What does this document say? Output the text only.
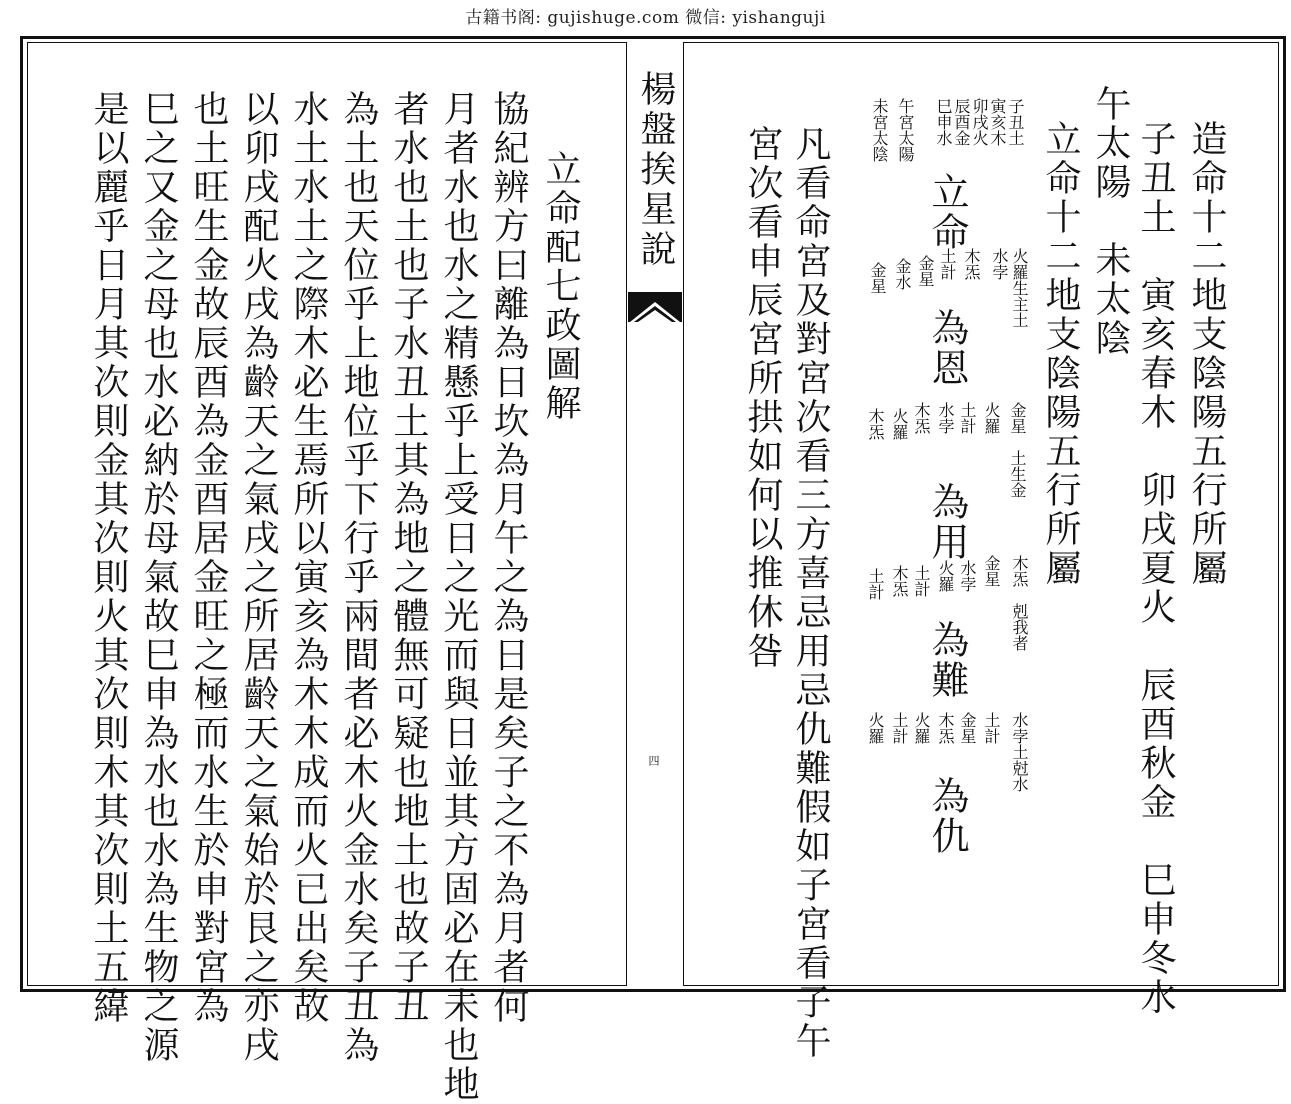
古籍书阁: gujishuge.com 微信: yishanguji
楊盤挨星說
四
造命十二地支陰陽五行所屬
子丑土　寅亥春木　卯戌夏火　辰酉秋金　巳申冬水
午太陽　未太陰
立命十二地支陰陽五行所屬
子丑土
寅亥木
卯戌火
辰酉金
巳申水
午宮太陽
未宮太陰
立命
火羅生主土
水孛
木炁
土計
金星
金水
金星
為恩
金星　土生金
火羅
土計
水孛
木炁
火羅
木炁
為用
木炁　剋我者
金星
水孛
火羅
土計
木炁
土計
為難
水孛土尅水
土計
金星
木炁
火羅
土計
火羅
為仇
凡看命宮及對宮次看三方喜忌用忌仇難假如子宮看子午
宮次看申辰宮所拱如何以推休咎
立命配七政圖解
協紀辨方曰離為日坎為月午之為日是矣子之不為月者何
月者水也水之精懸乎上受日之光而與日並其方固必在未也地
者水也土也子水丑土其為地之體無可疑也地土也故子丑
為土也天位乎上地位乎下行乎兩間者必木火金水矣子丑為
水土水土之際木必生焉所以寅亥為木木成而火已出矣故
以卯戌配火戌為齡天之氣戌之所居齡天之氣始於艮之亦戌
也土旺生金故辰酉為金酉居金旺之極而水生於申對宮為
巳之又金之母也水必納於母氣故巳申為水也水為生物之源
是以麗乎日月其次則金其次則火其次則木其次則土五緯
